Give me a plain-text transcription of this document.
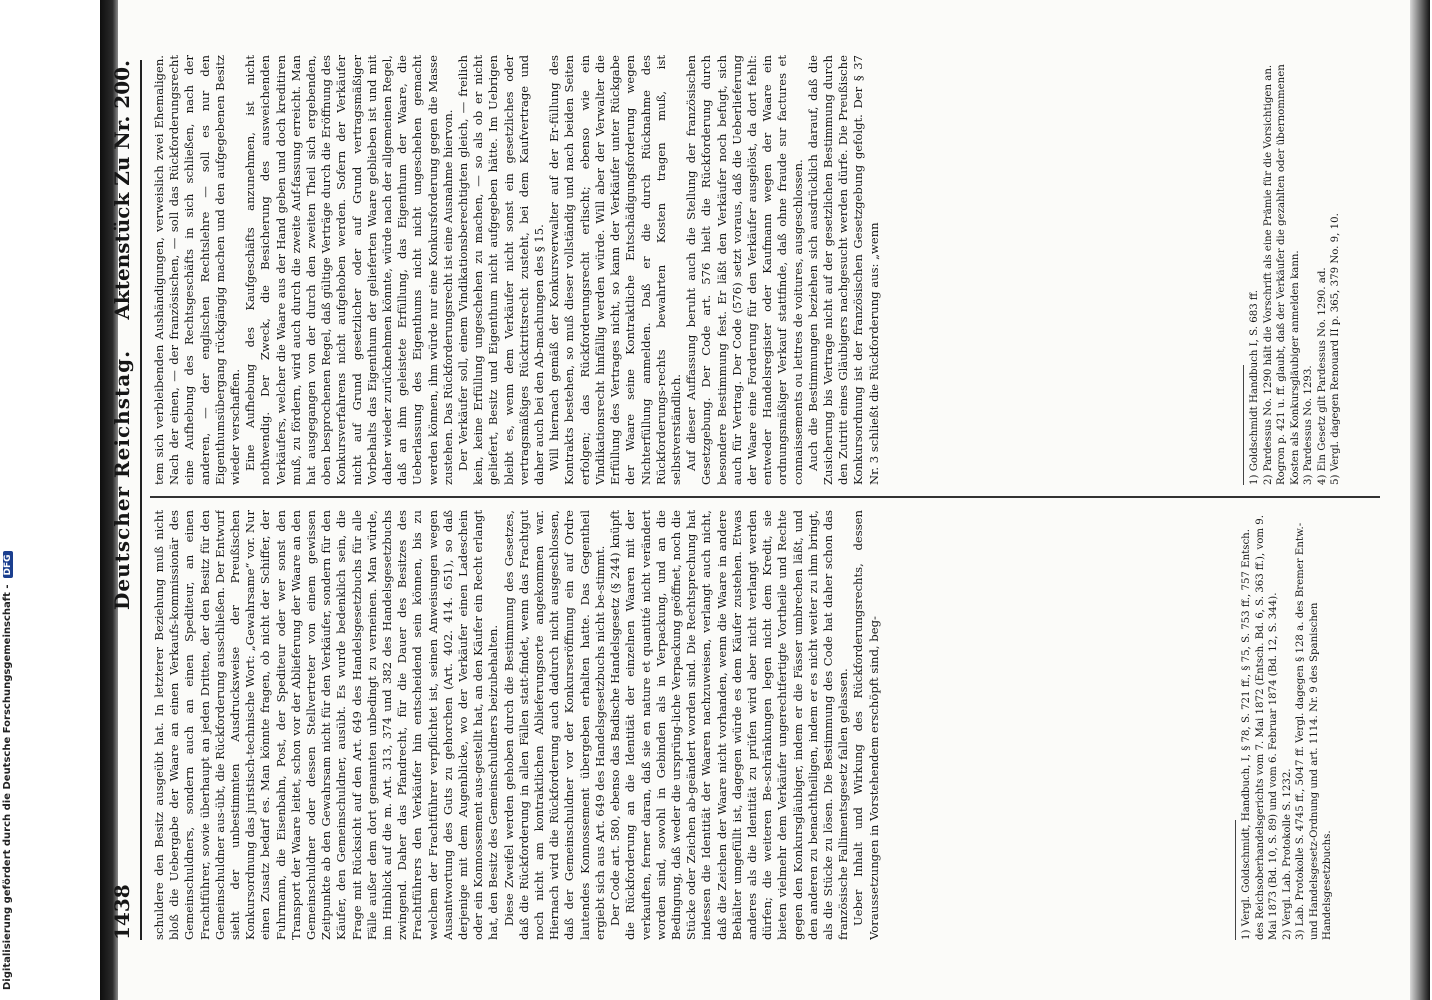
1438
Deutscher Reichstag.
Aktenstück Zu Nr. 200.

schuldere den Besitz ausgeübt hat. In letzterer Beziehung muß nicht bloß die Uebergabe der Waare an einen Verkaufs-kommissionär des Gemeinschuldners, sondern auch an einen Spediteur, an einen Frachtführer, sowie überhaupt an jeden Dritten, der den Besitz für den Gemeinschuldner aus-übt, die Rückforderung ausschließen. Der Entwurf sieht der unbestimmten Ausdrucksweise der Preußischen Konkursordnung das juristisch-technische Wort: „Gewahrsame“ vor. Nur einen Zusatz bedarf es. Man könnte fragen, ob nicht der Schiffer, der Fuhrmann, die Eisenbahn, Post, der Spediteur oder wer sonst den Transport der Waare leitet, schon vor der Ablieferung der Waare an den Gemeinschuldner oder dessen Stellvertreter von einem gewissen Zeitpunkte ab den Gewahrsam nicht für den Verkäufer, sondern für den Käufer, den Gemeinschuldner, ausübt. Es wurde bedenklich sein, die Frage mit Rücksicht auf den Art. 649 des Handelsgesetzbuchs für alle Fälle außer dem dort genannten unbedingt zu verneinen. Man würde, im Hinblick auf die m. Art. 313, 374 und 382 des Handelsgesetzbuchs zwingend. Daher das Pfandrecht, für die Dauer des Besitzes des Frachtführers den Verkäufer hin entscheidend sein können, bis zu welchem der Frachtführer verpflichtet ist, seinen Anweisungen wegen Ausantwortung des Guts zu gehorchen (Art. 402. 414. 651), so daß derjenige mit dem Augenblicke, wo der Verkäufer einen Ladeschein oder ein Konnossement aus-gestellt hat, an den Käufer ein Recht erlangt hat, den Besitz des Gemeinschuldners beizubehalten. Diese Zweifel werden gehoben durch die Bestimmung des Gesetzes, daß die Rückforderung in allen Fällen statt-findet, wenn das Frachtgut noch nicht am kontraktlichen Ablieferungsorte angekommen war. Hiernach wird die Rückforderung auch dadurch nicht ausgeschlossen, daß der Gemeinschuldner vor der Konkurseröffnung ein auf Ordre lautendes Konnossement übergeben erhalten hatte. Das Gegentheil ergiebt sich aus Art. 649 des Handelsgesetzbuchs nicht be-stimmt. Der Code art. 580, ebenso das Badische Handelsgesetz (§ 244) knüpft die Rückforderung an die Identität der einzelnen Waaren mit der verkauften, ferner daran, daß sie en nature et quantité nicht verändert worden sind, sowohl in Gebinden als in Verpackung, und an die Bedingung, daß weder die ursprüng-liche Verpackung geöffnet, noch die Stücke oder Zeichen ab-geändert worden sind. Die Rechtsprechung hat indessen die Identität der Waaren nachzuweisen, verlangt auch nicht, daß die Zeichen der Waare nicht vorhanden, wenn die Waare in andere Behälter umgefüllt ist, dagegen würde es dem Käufer zustehen. Etwas anderes als die Identität zu prüfen wird aber nicht verlangt werden dürfen; die weiteren Be-schränkungen legen nicht dem Kredit, sie bieten vielmehr dem Verkäufer ungerechtfertigte Vortheile und Rechte gegen den Konkursgläubiger, indem er die Fässer umbrechen läßt, und den anderen zu benachtheiligen, indem er es nicht weiter zu ihm bringt, als die Stücke zu lösen. Die Bestimmung des Code hat daher schon das französische Fallimentsgesetz fallen gelassen. Ueber Inhalt und Wirkung des Rückforderungsrechts, dessen Voraussetzungen in Vorstehendem erschöpft sind, beg-

tem sich verbleibenden Aushändigungen, verweislich zwei Ehemaligen. Nach der einen, — der französischen, — soll das Rückforderungsrecht eine Aufhebung des Rechtsgeschäfts in sich schließen, nach der anderen, — der englischen Rechtslehre — soll es nur den Eigenthumsübergang rückgängig machen und den aufgegebenen Besitz wieder verschaffen. Eine Aufhebung des Kaufgeschäfts anzunehmen, ist nicht nothwendig. Der Zweck, die Besicherung des ausweichenden Verkäufers, welcher die Waare aus der Hand geben und doch kreditiren muß, zu fördern, wird auch durch die zweite Auf-fassung erreicht. Man hat ausgegangen von der durch den zweiten Theil sich ergebenden, oben besprochenen Regel, daß gültige Verträge durch die Eröffnung des Konkursverfahrens nicht aufgehoben werden. Sofern der Verkäufer nicht auf Grund gesetzlicher oder auf Grund vertragsmäßiger Vorbehalts das Eigenthum der gelieferten Waare geblieben ist und mit daher wieder zurücknehmen könnte, würde nach der allgemeinen Regel, daß an ihm geleistete Erfüllung, das Eigenthum der Waare, die Ueberlassung des Eigenthums nicht nicht ungeschehen gemacht werden können, ihm würde nur eine Konkursforderung gegen die Masse zustehen. Das Rückforderungsrecht ist eine Ausnahme hiervon. Der Verkäufer soll, einem Vindikationsberechtigten gleich, — freilich kein, keine Erfüllung ungeschehen zu machen, — so als ob er nicht geliefert, Besitz und Eigenthum nicht aufgegeben hätte. Im Uebrigen bleibt es, wenn dem Verkäufer nicht sonst ein gesetzliches oder vertragsmäßiges Rücktrittsrecht zusteht, bei dem Kaufvertrage und daher auch bei den Ab-machungen des § 15. Will hiernach gemäß der Konkursverwalter auf der Er-füllung des Kontrakts bestehen, so muß dieser vollständig und nach beiden Seiten erfolgen; das Rückforderungsrecht erlischt; ebenso wie ein Vindikationsrecht hinfällig werden würde. Will aber der Verwalter die Erfüllung des Vertrages nicht, so kann der Verkäufer unter Rückgabe der Waare seine Kontraktliche Entschädigungsforderung wegen Nichterfüllung anmelden. Daß er die durch Rücknahme des Rückforderungs-rechts bewahrten Kosten tragen muß, ist selbstverständlich. Auf dieser Auffassung beruht auch die Stellung der französischen Gesetzgebung. Der Code art. 576 hielt die Rückforderung durch besondere Bestimmung fest. Er läßt den Verkäufer noch befugt, sich auch für Vertrag. Der Code (576) setzt voraus, daß die Ueberlieferung der Waare eine Forderung für den Verkäufer ausgelöst, da dort fehlt: entweder Handelsregister oder Kaufmann wegen der Waare ein ordnungsmäßiger Verkauf stattfinde, daß ohne fraude sur factures et connaissements ou lettres de voitures, ausgeschlossen. Auch die Bestimmungen beziehen sich ausdrücklich darauf, daß die Zusicherung bis Vertrage nicht auf der gesetzlichen Bestimmung durch den Zutritt eines Gläubigers nachgesucht werden dürfe. Die Preußische Konkursordnung ist der französischen Gesetzgebung gefolgt. Der § 37 Nr. 3 schließt die Rückforderung aus: „wenn

1) Vergl. Goldschmidt, Handbuch, I, § 78, S. 721 ff., § 75, S. 753 ff., 757 Entsch. des Reichsoberhandelsgerichts vom 7. Mai 1872 (Entsch. Bd. 6, S. 363 ff.), vom 9. Mai 1873 (Bd. 10, S. 89) und vom 6. Februar 1874 (Bd. 12, S. 344). 2) Vergl. Lab. Protokolle S. 1232. 3) Lab. Protokolle S. 4745 ff., 5047 ff. Vergl. dagegen § 128 a. des Bremer Entw.- und Handelsgesetz-Ordnung und art. 1114. Nr. 9 des Spanischen Handelsgesetzbuchs.
1) Goldschmidt Handbuch I, S. 683 ff. 2) Pardessus No. 1290 hält die Vorschrift als eine Prämie für die Vorsichtigen an. Rogron p. 421 u. ff. glaubt, daß der Verkäufer die gezahlten oder übernommenen Kosten als Konkursgläubiger anmelden kann. 3) Pardessus No. 1293. 4) Ein Gesetz gilt Pardessus No. 1290. ad. 5) Vergl. dagegen Renouard II p. 365, 379 No. 9, 10.
Digitalisierung gefördert durch die Deutsche Forschungsgemeinschaft -DFG
